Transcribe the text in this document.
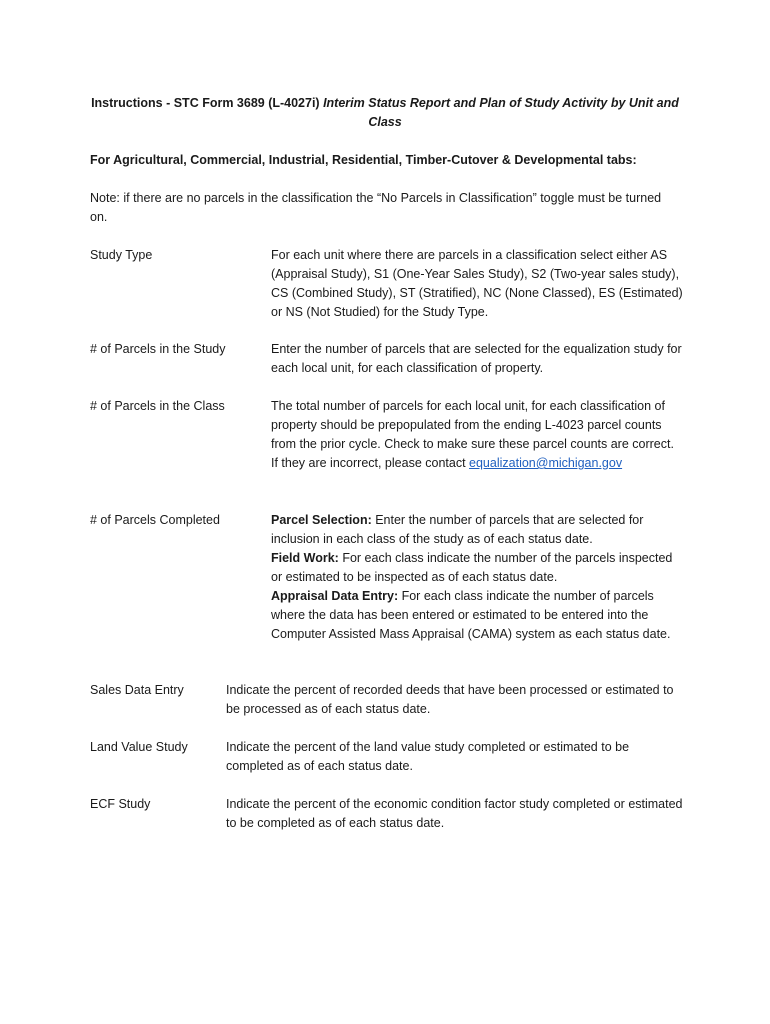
Instructions - STC Form 3689 (L-4027i) Interim Status Report and Plan of Study Activity by Unit and Class
For Agricultural, Commercial, Industrial, Residential, Timber-Cutover & Developmental tabs:
Note: if there are no parcels in the classification the “No Parcels in Classification” toggle must be turned on.
Study Type	For each unit where there are parcels in a classification select either AS (Appraisal Study), S1 (One-Year Sales Study), S2 (Two-year sales study), CS (Combined Study), ST (Stratified), NC (None Classed), ES (Estimated) or NS (Not Studied) for the Study Type.
# of Parcels in the Study	Enter the number of parcels that are selected for the equalization study for each local unit, for each classification of property.
# of Parcels in the Class	The total number of parcels for each local unit, for each classification of property should be prepopulated from the ending L-4023 parcel counts from the prior cycle. Check to make sure these parcel counts are correct. If they are incorrect, please contact equalization@michigan.gov
# of Parcels Completed	Parcel Selection: Enter the number of parcels that are selected for inclusion in each class of the study as of each status date.
Field Work: For each class indicate the number of the parcels inspected or estimated to be inspected as of each status date.
Appraisal Data Entry: For each class indicate the number of parcels where the data has been entered or estimated to be entered into the Computer Assisted Mass Appraisal (CAMA) system as each status date.
Sales Data Entry	Indicate the percent of recorded deeds that have been processed or estimated to be processed as of each status date.
Land Value Study	Indicate the percent of the land value study completed or estimated to be completed as of each status date.
ECF Study	Indicate the percent of the economic condition factor study completed or estimated to be completed as of each status date.
